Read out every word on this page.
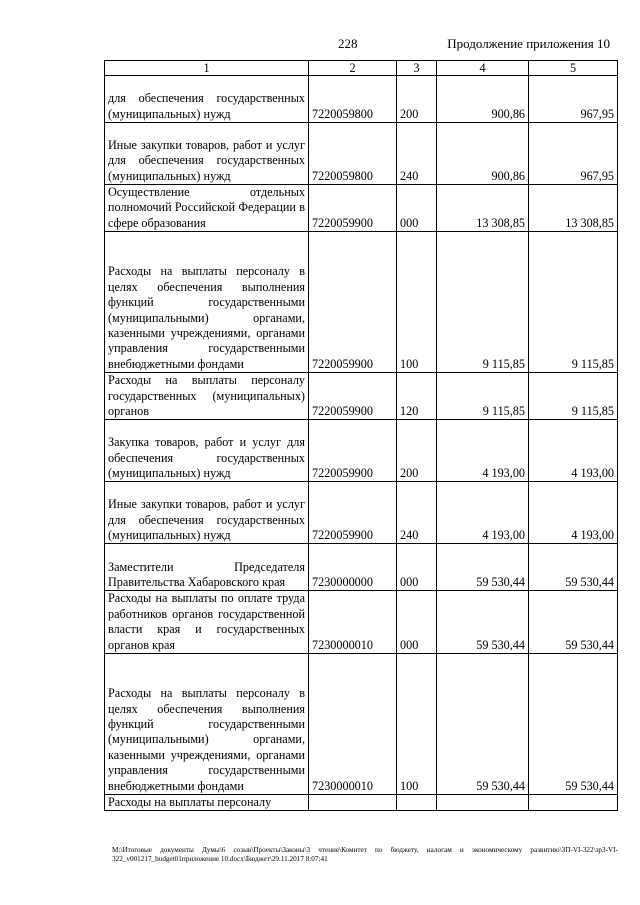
228	Продолжение приложения 10
1	2	3	4	5
для обеспечения государственных (муниципальных) нужд	7220059800	200	900,86	967,95
Иные закупки товаров, работ и услуг для обеспечения государственных (муниципальных) нужд	7220059800	240	900,86	967,95
Осуществление отдельных полномочий Российской Федерации в сфере образования	7220059900	000	13 308,85	13 308,85
Расходы на выплаты персоналу в целях обеспечения выполнения функций государственными (муниципальными) органами, казенными учреждениями, органами управления государственными внебюджетными фондами	7220059900	100	9 115,85	9 115,85
Расходы на выплаты персоналу государственных (муниципальных) органов	7220059900	120	9 115,85	9 115,85
Закупка товаров, работ и услуг для обеспечения государственных (муниципальных) нужд	7220059900	200	4 193,00	4 193,00
Иные закупки товаров, работ и услуг для обеспечения государственных (муниципальных) нужд	7220059900	240	4 193,00	4 193,00
Заместители Председателя Правительства Хабаровского края	7230000000	000	59 530,44	59 530,44
Расходы на выплаты по оплате труда работников органов государственной власти края и государственных органов края	7230000010	000	59 530,44	59 530,44
Расходы на выплаты персоналу в целях обеспечения выполнения функций государственными (муниципальными) органами, казенными учреждениями, органами управления государственными внебюджетными фондами	7230000010	100	59 530,44	59 530,44
Расходы на выплаты персоналу				
М:\Итоговые документы Думы\6 созыв\Проекты\Законы\3 чтение\Комитет по бюджету, налогам и экономическому развитию\ЗП-VI-322\зр3-VI-322_v001217_budget01приложение 10.docx\Бюджет\29.11.2017 8:07:41
